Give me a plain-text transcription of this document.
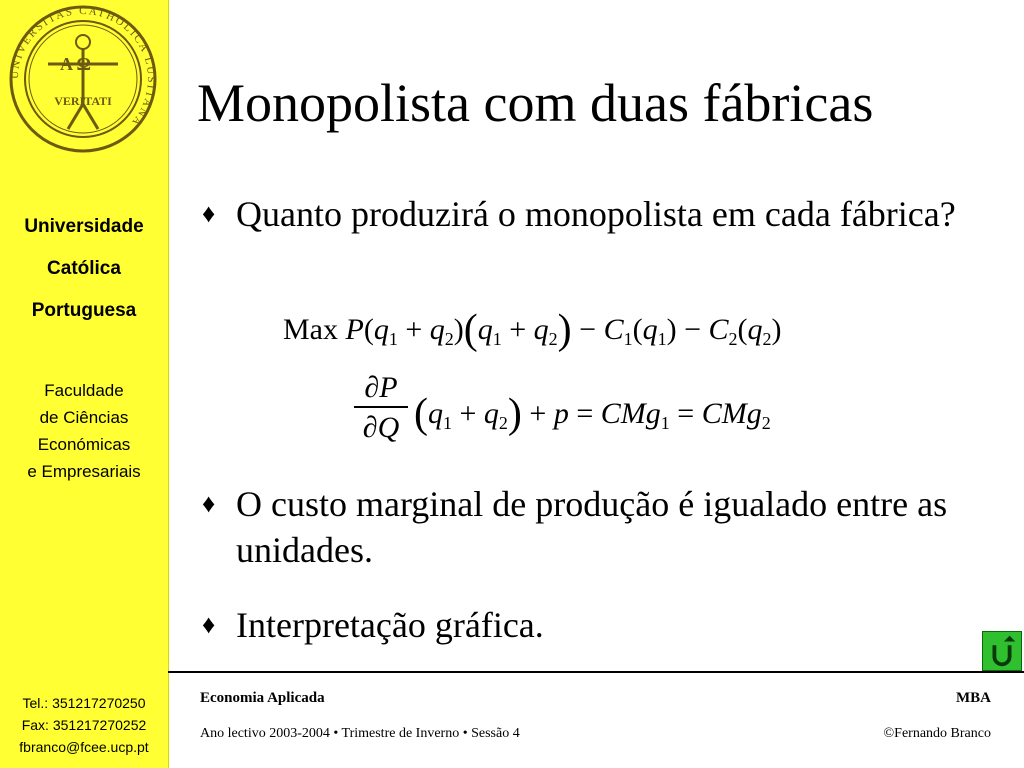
UNIVERSITAS CATHOLICA LUSITANA
A Ω
VERITATI
Universidade
Católica
Portuguesa
Faculdade
de Ciências
Económicas
e Empresariais
Tel.: 351217270250
Fax: 351217270252
fbranco@fcee.ucp.pt
Monopolista com duas fábricas
♦ Quanto produzirá o monopolista em cada fábrica?
Max $P(q_1 + q_2)(q_1 + q_2) - C_1(q_1) - C_2(q_2)$
∂P
∂Q $(q_1 + q_2) + p = CMg_1 = CMg_2$
♦ O custo marginal de produção é igualado entre as unidades.
♦ Interpretação gráfica.
Economia Aplicada	MBA
Ano lectivo 2003-2004 • Trimestre de Inverno • Sessão 4	©Fernando Branco
